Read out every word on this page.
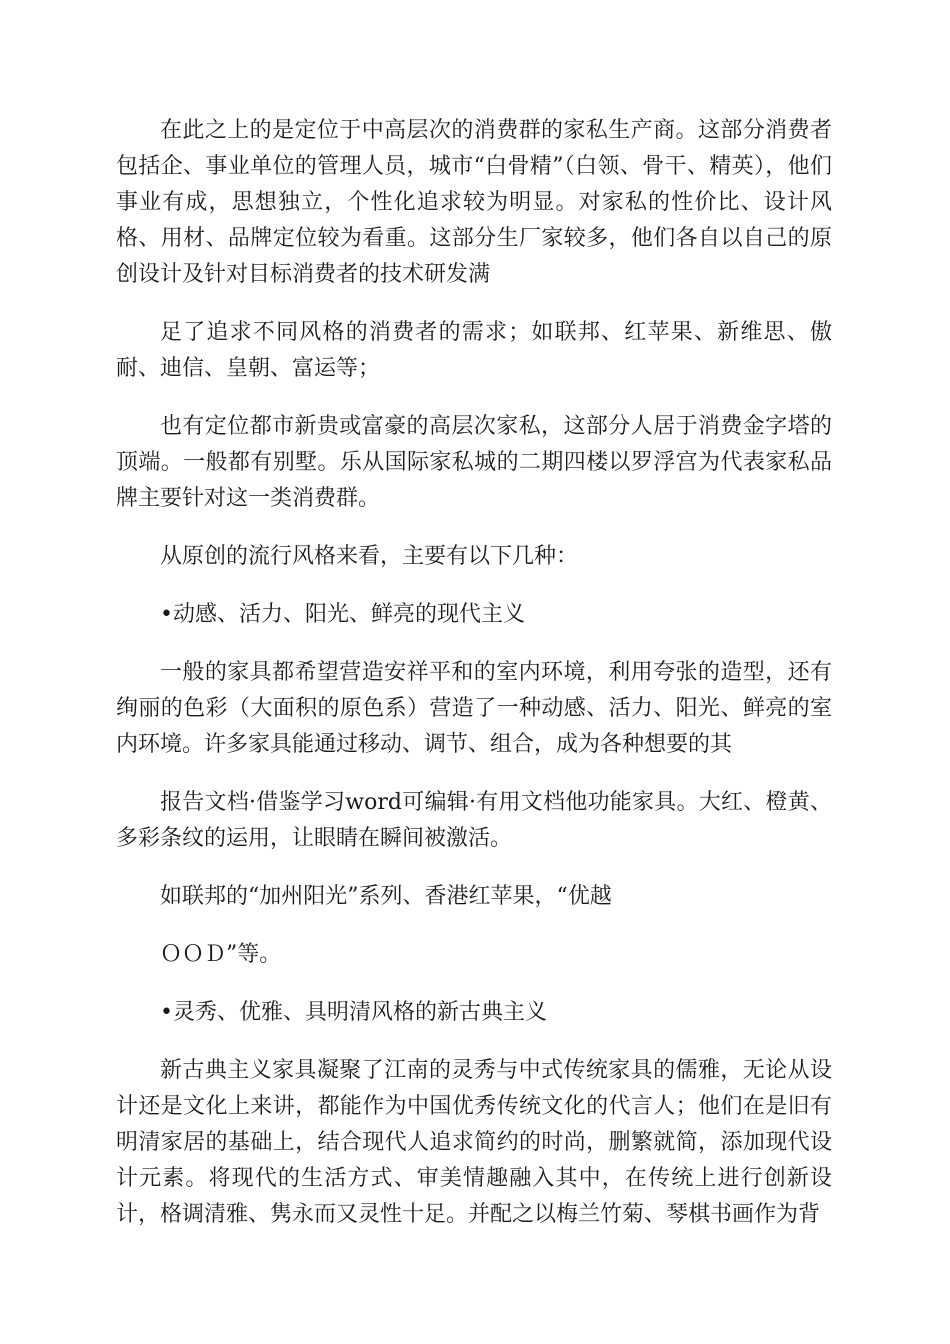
在此之上的是定位于中高层次的消费群的家私生产商。这部分消费者包括企、事业单位的管理人员，城市“白骨精”（白领、骨干、精英），他们事业有成，思想独立，个性化追求较为明显。对家私的性价比、设计风格、用材、品牌定位较为看重。这部分生厂家较多，他们各自以自己的原创设计及针对目标消费者的技术研发满

足了追求不同风格的消费者的需求；如联邦、红苹果、新维思、傲耐、迪信、皇朝、富运等；

也有定位都市新贵或富豪的高层次家私，这部分人居于消费金字塔的顶端。一般都有别墅。乐从国际家私城的二期四楼以罗浮宫为代表家私品牌主要针对这一类消费群。

从原创的流行风格来看，主要有以下几种：

•动感、活力、阳光、鲜亮的现代主义

一般的家具都希望营造安祥平和的室内环境，利用夸张的造型，还有绚丽的色彩（大面积的原色系）营造了一种动感、活力、阳光、鲜亮的室内环境。许多家具能通过移动、调节、组合，成为各种想要的其

报告文档·借鉴学习word可编辑·有用文档他功能家具。大红、橙黄、多彩条纹的运用，让眼睛在瞬间被激活。

如联邦的“加州阳光”系列、香港红苹果，“优越

ＯＯＤ”等。

•灵秀、优雅、具明清风格的新古典主义

新古典主义家具凝聚了江南的灵秀与中式传统家具的儒雅，无论从设计还是文化上来讲，都能作为中国优秀传统文化的代言人；他们在是旧有明清家居的基础上，结合现代人追求简约的时尚，删繁就简，添加现代设计元素。将现代的生活方式、审美情趣融入其中，在传统上进行创新设计，格调清雅、隽永而又灵性十足。并配之以梅兰竹菊、琴棋书画作为背
